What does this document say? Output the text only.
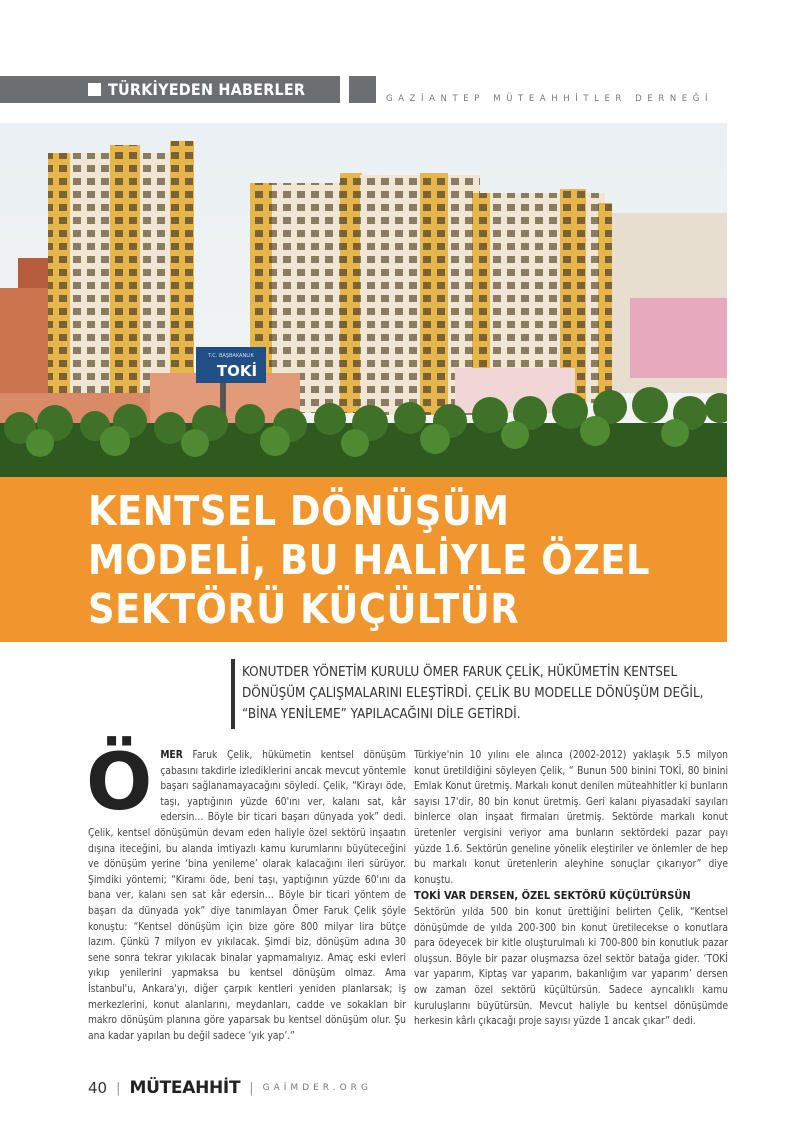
TÜRKİYEDEN HABERLER	GAZİANTEP MÜTEAHHİTLER DERNEĞİ
T.C. BAŞBAKANLIK
TOKİ
KENTSEL DÖNÜŞÜM
MODELİ, BU HALİYLE ÖZEL
SEKTÖRÜ KÜÇÜLTÜR

KONUTDER YÖNETİM KURULU ÖMER FARUK ÇELİK, HÜKÜMETİN KENTSEL DÖNÜŞÜM ÇALIŞMALARINI ELEŞTİRDİ. ÇELİK BU MODELLE DÖNÜŞÜM DEĞİL, “BİNA YENİLEME” YAPILACAĞINI DİLE GETİRDİ.

Ö MER Faruk Çelik, hükümetin kentsel dönüşüm çabasını takdirle izlediklerini ancak mevcut yöntemle başarı sağlanamayacağını söyledi. Çelik, “Kirayı öde, taşı, yaptığının yüzde 60'ını ver, kalanı sat, kâr edersin… Böyle bir ticari başarı dünyada yok” dedi. Çelik, kentsel dönüşümün devam eden haliyle özel sektörü inşaatın dışına iteceğini, bu alanda imtiyazlı kamu kurumlarını büyüteceğini ve dönüşüm yerine ‘bina yenileme’ olarak kalacağını ileri sürüyor. Şimdiki yöntemi; “Kiramı öde, beni taşı, yaptığının yüzde 60'ını da bana ver, kalanı sen sat kâr edersin… Böyle bir ticari yöntem de başarı da dünyada yok” diye tanımlayan Ömer Faruk Çelik şöyle konuştu: “Kentsel dönüşüm için bize göre 800 milyar lira bütçe lazım. Çünkü 7 milyon ev yıkılacak. Şimdi biz, dönüşüm adına 30 sene sonra tekrar yıkılacak binalar yapmamalıyız. Amaç eski evleri yıkıp yenilerini yapmaksa bu kentsel dönüşüm olmaz. Ama İstanbul'u, Ankara'yı, diğer çarpık kentleri yeniden planlarsak; iş merkezlerini, konut alanlarını, meydanları, cadde ve sokakları bir makro dönüşüm planına göre yaparsak bu kentsel dönüşüm olur. Şu ana kadar yapılan bu değil sadece ‘yık yap’.”

Türkiye'nin 10 yılını ele alınca (2002-2012) yaklaşık 5.5 milyon konut üretildiğini söyleyen Çelik, “ Bunun 500 binini TOKİ, 80 binini Emlak Konut üretmiş. Markalı konut denilen müteahhitler ki bunların sayısı 17'dir, 80 bin konut üretmiş. Geri kalanı piyasadaki sayıları binlerce olan inşaat firmaları üretmiş. Sektörde markalı konut üretenler vergisini veriyor ama bunların sektördeki pazar payı yüzde 1.6. Sektörün geneline yönelik eleştiriler ve önlemler de hep bu markalı konut üretenlerin aleyhine sonuçlar çıkarıyor” diye konuştu.

TOKİ VAR DERSEN, ÖZEL SEKTÖRÜ KÜÇÜLTÜRSÜN

Sektörün yılda 500 bin konut ürettiğini belirten Çelik, “Kentsel dönüşümde de yılda 200-300 bin konut üretilecekse o konutlara para ödeyecek bir kitle oluşturulmalı ki 700-800 bin konutluk pazar oluşsun. Böyle bir pazar oluşmazsa özel sektör batağa gider. ‘TOKİ var yaparım, Kiptaş var yaparım, bakanlığım var yaparım’ dersen ow zaman özel sektörü küçültürsün. Sadece ayrıcalıklı kamu kuruluşlarını büyütürsün. Mevcut haliyle bu kentsel dönüşümde herkesin kârlı çıkacağı proje sayısı yüzde 1 ancak çıkar” dedi.

40 | MÜTEAHHİT | GAİMDER.ORG
